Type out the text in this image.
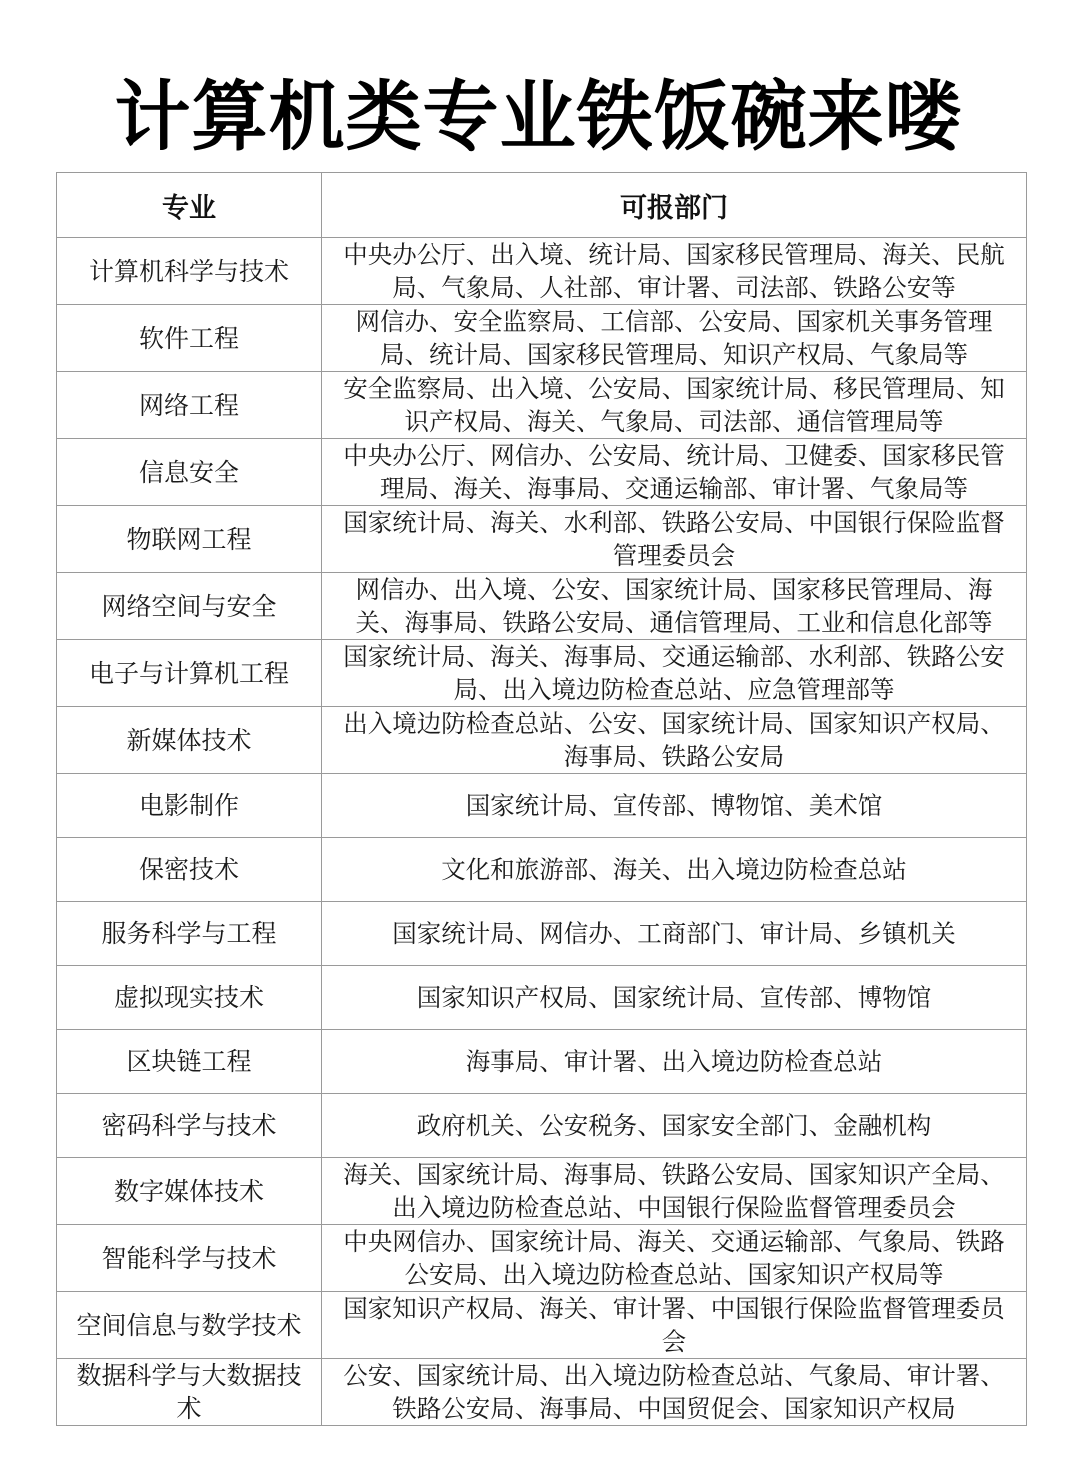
计算机类专业铁饭碗来喽
专业	可报部门
计算机科学与技术	中央办公厅、出入境、统计局、国家移民管理局、海关、民航局、气象局、人社部、审计署、司法部、铁路公安等
软件工程	网信办、安全监察局、工信部、公安局、国家机关事务管理局、统计局、国家移民管理局、知识产权局、气象局等
网络工程	安全监察局、出入境、公安局、国家统计局、移民管理局、知识产权局、海关、气象局、司法部、通信管理局等
信息安全	中央办公厅、网信办、公安局、统计局、卫健委、国家移民管理局、海关、海事局、交通运输部、审计署、气象局等
物联网工程	国家统计局、海关、水利部、铁路公安局、中国银行保险监督管理委员会
网络空间与安全	网信办、出入境、公安、国家统计局、国家移民管理局、海关、海事局、铁路公安局、通信管理局、工业和信息化部等
电子与计算机工程	国家统计局、海关、海事局、交通运输部、水利部、铁路公安局、出入境边防检查总站、应急管理部等
新媒体技术	出入境边防检查总站、公安、国家统计局、国家知识产权局、海事局、铁路公安局
电影制作	国家统计局、宣传部、博物馆、美术馆
保密技术	文化和旅游部、海关、出入境边防检查总站
服务科学与工程	国家统计局、网信办、工商部门、审计局、乡镇机关
虚拟现实技术	国家知识产权局、国家统计局、宣传部、博物馆
区块链工程	海事局、审计署、出入境边防检查总站
密码科学与技术	政府机关、公安税务、国家安全部门、金融机构
数字媒体技术	海关、国家统计局、海事局、铁路公安局、国家知识产全局、出入境边防检查总站、中国银行保险监督管理委员会
智能科学与技术	中央网信办、国家统计局、海关、交通运输部、气象局、铁路公安局、出入境边防检查总站、国家知识产权局等
空间信息与数学技术	国家知识产权局、海关、审计署、中国银行保险监督管理委员会
数据科学与大数据技术	公安、国家统计局、出入境边防检查总站、气象局、审计署、铁路公安局、海事局、中国贸促会、国家知识产权局
